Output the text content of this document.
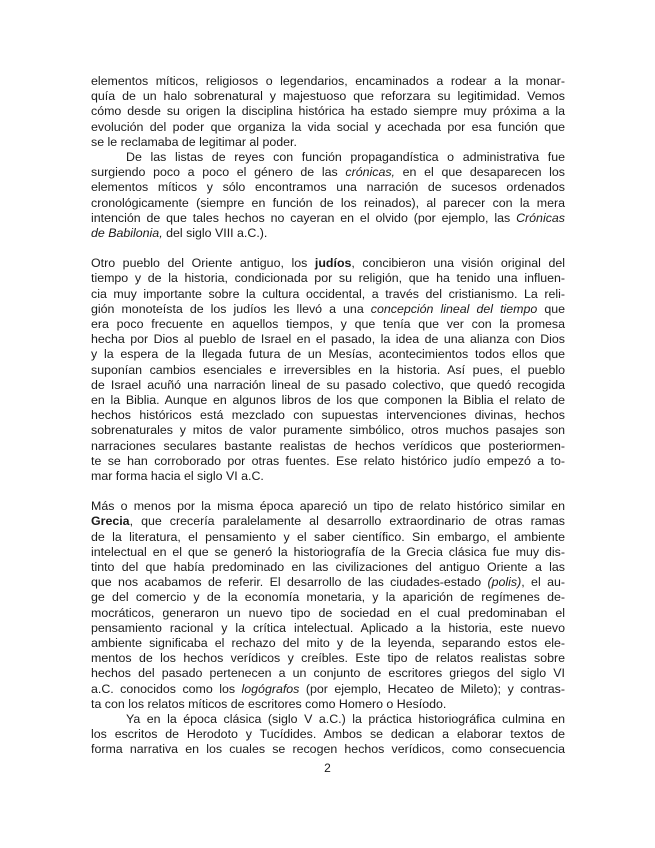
elementos míticos, religiosos o legendarios, encaminados a rodear a la monar-
quía de un halo sobrenatural y majestuoso que reforzara su legitimidad. Vemos
cómo desde su origen la disciplina histórica ha estado siempre muy próxima a la
evolución del poder que organiza la vida social y acechada por esa función que
se le reclamaba de legitimar al poder.
De las listas de reyes con función propagandística o administrativa fue
surgiendo poco a poco el género de las crónicas, en el que desaparecen los
elementos míticos y sólo encontramos una narración de sucesos ordenados
cronológicamente (siempre en función de los reinados), al parecer con la mera
intención de que tales hechos no cayeran en el olvido (por ejemplo, las Crónicas
de Babilonia, del siglo VIII a.C.).
Otro pueblo del Oriente antiguo, los judíos, concibieron una visión original del
tiempo y de la historia, condicionada por su religión, que ha tenido una influen-
cia muy importante sobre la cultura occidental, a través del cristianismo. La reli-
gión monoteísta de los judíos les llevó a una concepción lineal del tiempo que
era poco frecuente en aquellos tiempos, y que tenía que ver con la promesa
hecha por Dios al pueblo de Israel en el pasado, la idea de una alianza con Dios
y la espera de la llegada futura de un Mesías, acontecimientos todos ellos que
suponían cambios esenciales e irreversibles en la historia. Así pues, el pueblo
de Israel acuñó una narración lineal de su pasado colectivo, que quedó recogida
en la Biblia. Aunque en algunos libros de los que componen la Biblia el relato de
hechos históricos está mezclado con supuestas intervenciones divinas, hechos
sobrenaturales y mitos de valor puramente simbólico, otros muchos pasajes son
narraciones seculares bastante realistas de hechos verídicos que posteriormen-
te se han corroborado por otras fuentes. Ese relato histórico judío empezó a to-
mar forma hacia el siglo VI a.C.
Más o menos por la misma época apareció un tipo de relato histórico similar en
Grecia, que crecería paralelamente al desarrollo extraordinario de otras ramas
de la literatura, el pensamiento y el saber científico. Sin embargo, el ambiente
intelectual en el que se generó la historiografía de la Grecia clásica fue muy dis-
tinto del que había predominado en las civilizaciones del antiguo Oriente a las
que nos acabamos de referir. El desarrollo de las ciudades-estado (polis), el au-
ge del comercio y de la economía monetaria, y la aparición de regímenes de-
mocráticos, generaron un nuevo tipo de sociedad en el cual predominaban el
pensamiento racional y la crítica intelectual. Aplicado a la historia, este nuevo
ambiente significaba el rechazo del mito y de la leyenda, separando estos ele-
mentos de los hechos verídicos y creíbles. Este tipo de relatos realistas sobre
hechos del pasado pertenecen a un conjunto de escritores griegos del siglo VI
a.C. conocidos como los logógrafos (por ejemplo, Hecateo de Mileto); y contras-
ta con los relatos míticos de escritores como Homero o Hesíodo.
Ya en la época clásica (siglo V a.C.) la práctica historiográfica culmina en
los escritos de Herodoto y Tucídides. Ambos se dedican a elaborar textos de
forma narrativa en los cuales se recogen hechos verídicos, como consecuencia
2
